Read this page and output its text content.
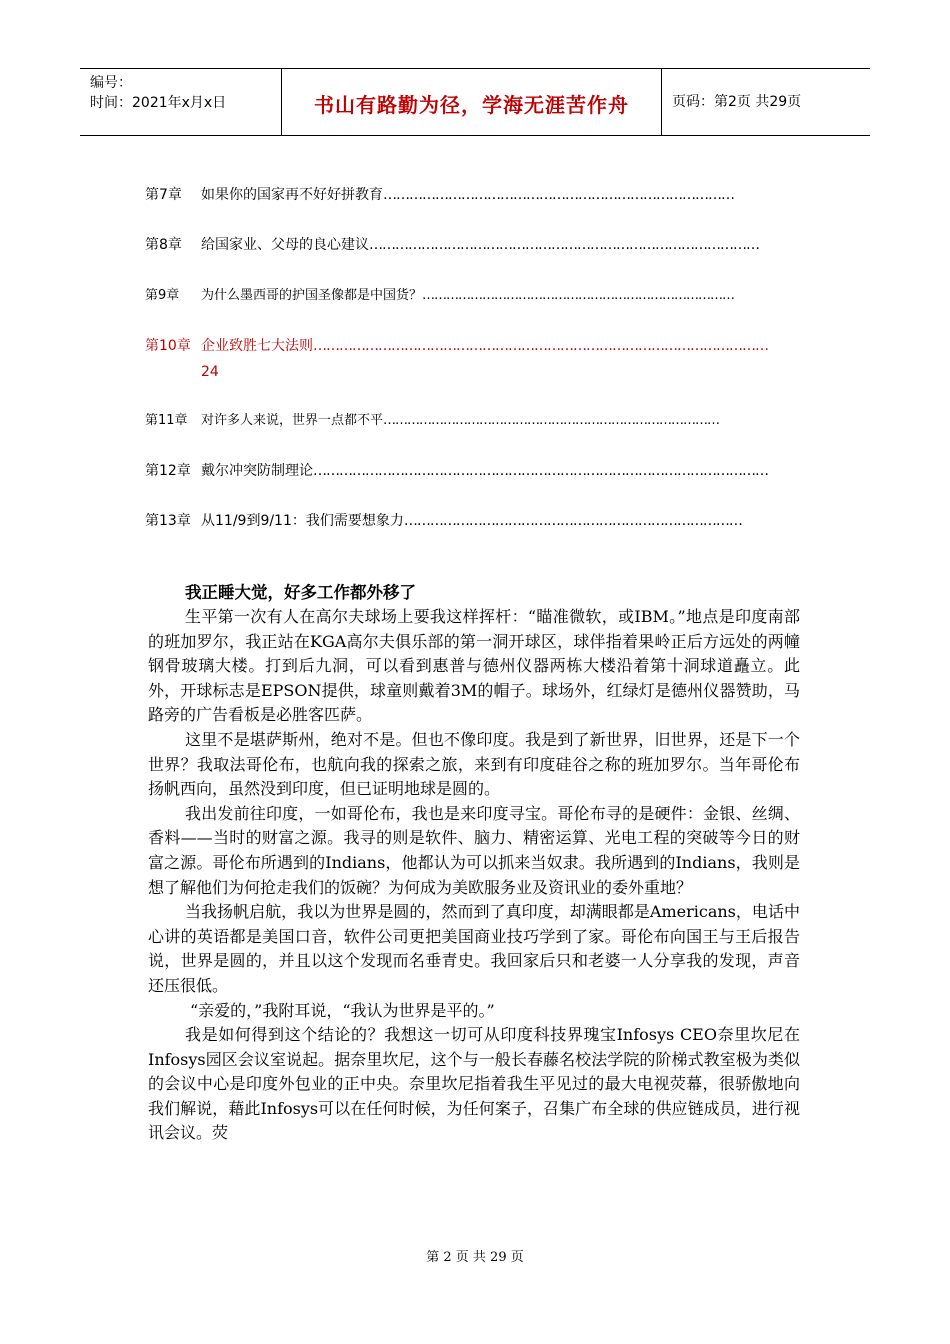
编号：
时间：2021年x月x日	书山有路勤为径，学海无涯苦作舟	页码：第2页 共29页
第7章 如果你的国家再不好好拼教育………………………………………………………………………
第8章 给国家业、父母的良心建议………………………………………………………………………………
第9章 为什么墨西哥的护国圣像都是中国货？……………………………………………………………………
第10章 企业致胜七大法则……………………………………………………………………………………………
24
第11章 对许多人来说，世界一点都不平…………………………………………………………………………
第12章 戴尔冲突防制理论……………………………………………………………………………………………
第13章 从11/9到9/11：我们需要想象力……………………………………………………………………
我正睡大觉，好多工作都外移了

生平第一次有人在高尔夫球场上要我这样挥杆：“瞄准微软，或IBM。”地点是印度南部的班加罗尔，我正站在KGA高尔夫俱乐部的第一洞开球区，球伴指着果岭正后方远处的两幢钢骨玻璃大楼。打到后九洞，可以看到惠普与德州仪器两栋大楼沿着第十洞球道矗立。此外，开球标志是EPSON提供，球童则戴着3M的帽子。球场外，红绿灯是德州仪器赞助，马路旁的广告看板是必胜客匹萨。

这里不是堪萨斯州，绝对不是。但也不像印度。我是到了新世界，旧世界，还是下一个世界？我取法哥伦布，也航向我的探索之旅，来到有印度硅谷之称的班加罗尔。当年哥伦布扬帆西向，虽然没到印度，但已证明地球是圆的。

我出发前往印度，一如哥伦布，我也是来印度寻宝。哥伦布寻的是硬件：金银、丝绸、香料——当时的财富之源。我寻的则是软件、脑力、精密运算、光电工程的突破等今日的财富之源。哥伦布所遇到的Indians，他都认为可以抓来当奴隶。我所遇到的Indians，我则是想了解他们为何抢走我们的饭碗？为何成为美欧服务业及资讯业的委外重地？

当我扬帆启航，我以为世界是圆的，然而到了真印度，却满眼都是Americans，电话中心讲的英语都是美国口音，软件公司更把美国商业技巧学到了家。哥伦布向国王与王后报告说，世界是圆的，并且以这个发现而名垂青史。我回家后只和老婆一人分享我的发现，声音还压很低。

“亲爱的，”我附耳说，“我认为世界是平的。”

我是如何得到这个结论的？我想这一切可从印度科技界瑰宝Infosys CEO奈里坎尼在Infosys园区会议室说起。据奈里坎尼，这个与一般长春藤名校法学院的阶梯式教室极为类似的会议中心是印度外包业的正中央。奈里坎尼指着我生平见过的最大电视荧幕，很骄傲地向我们解说，藉此Infosys可以在任何时候，为任何案子，召集广布全球的供应链成员，进行视讯会议。荧

第 2 页 共 29 页
